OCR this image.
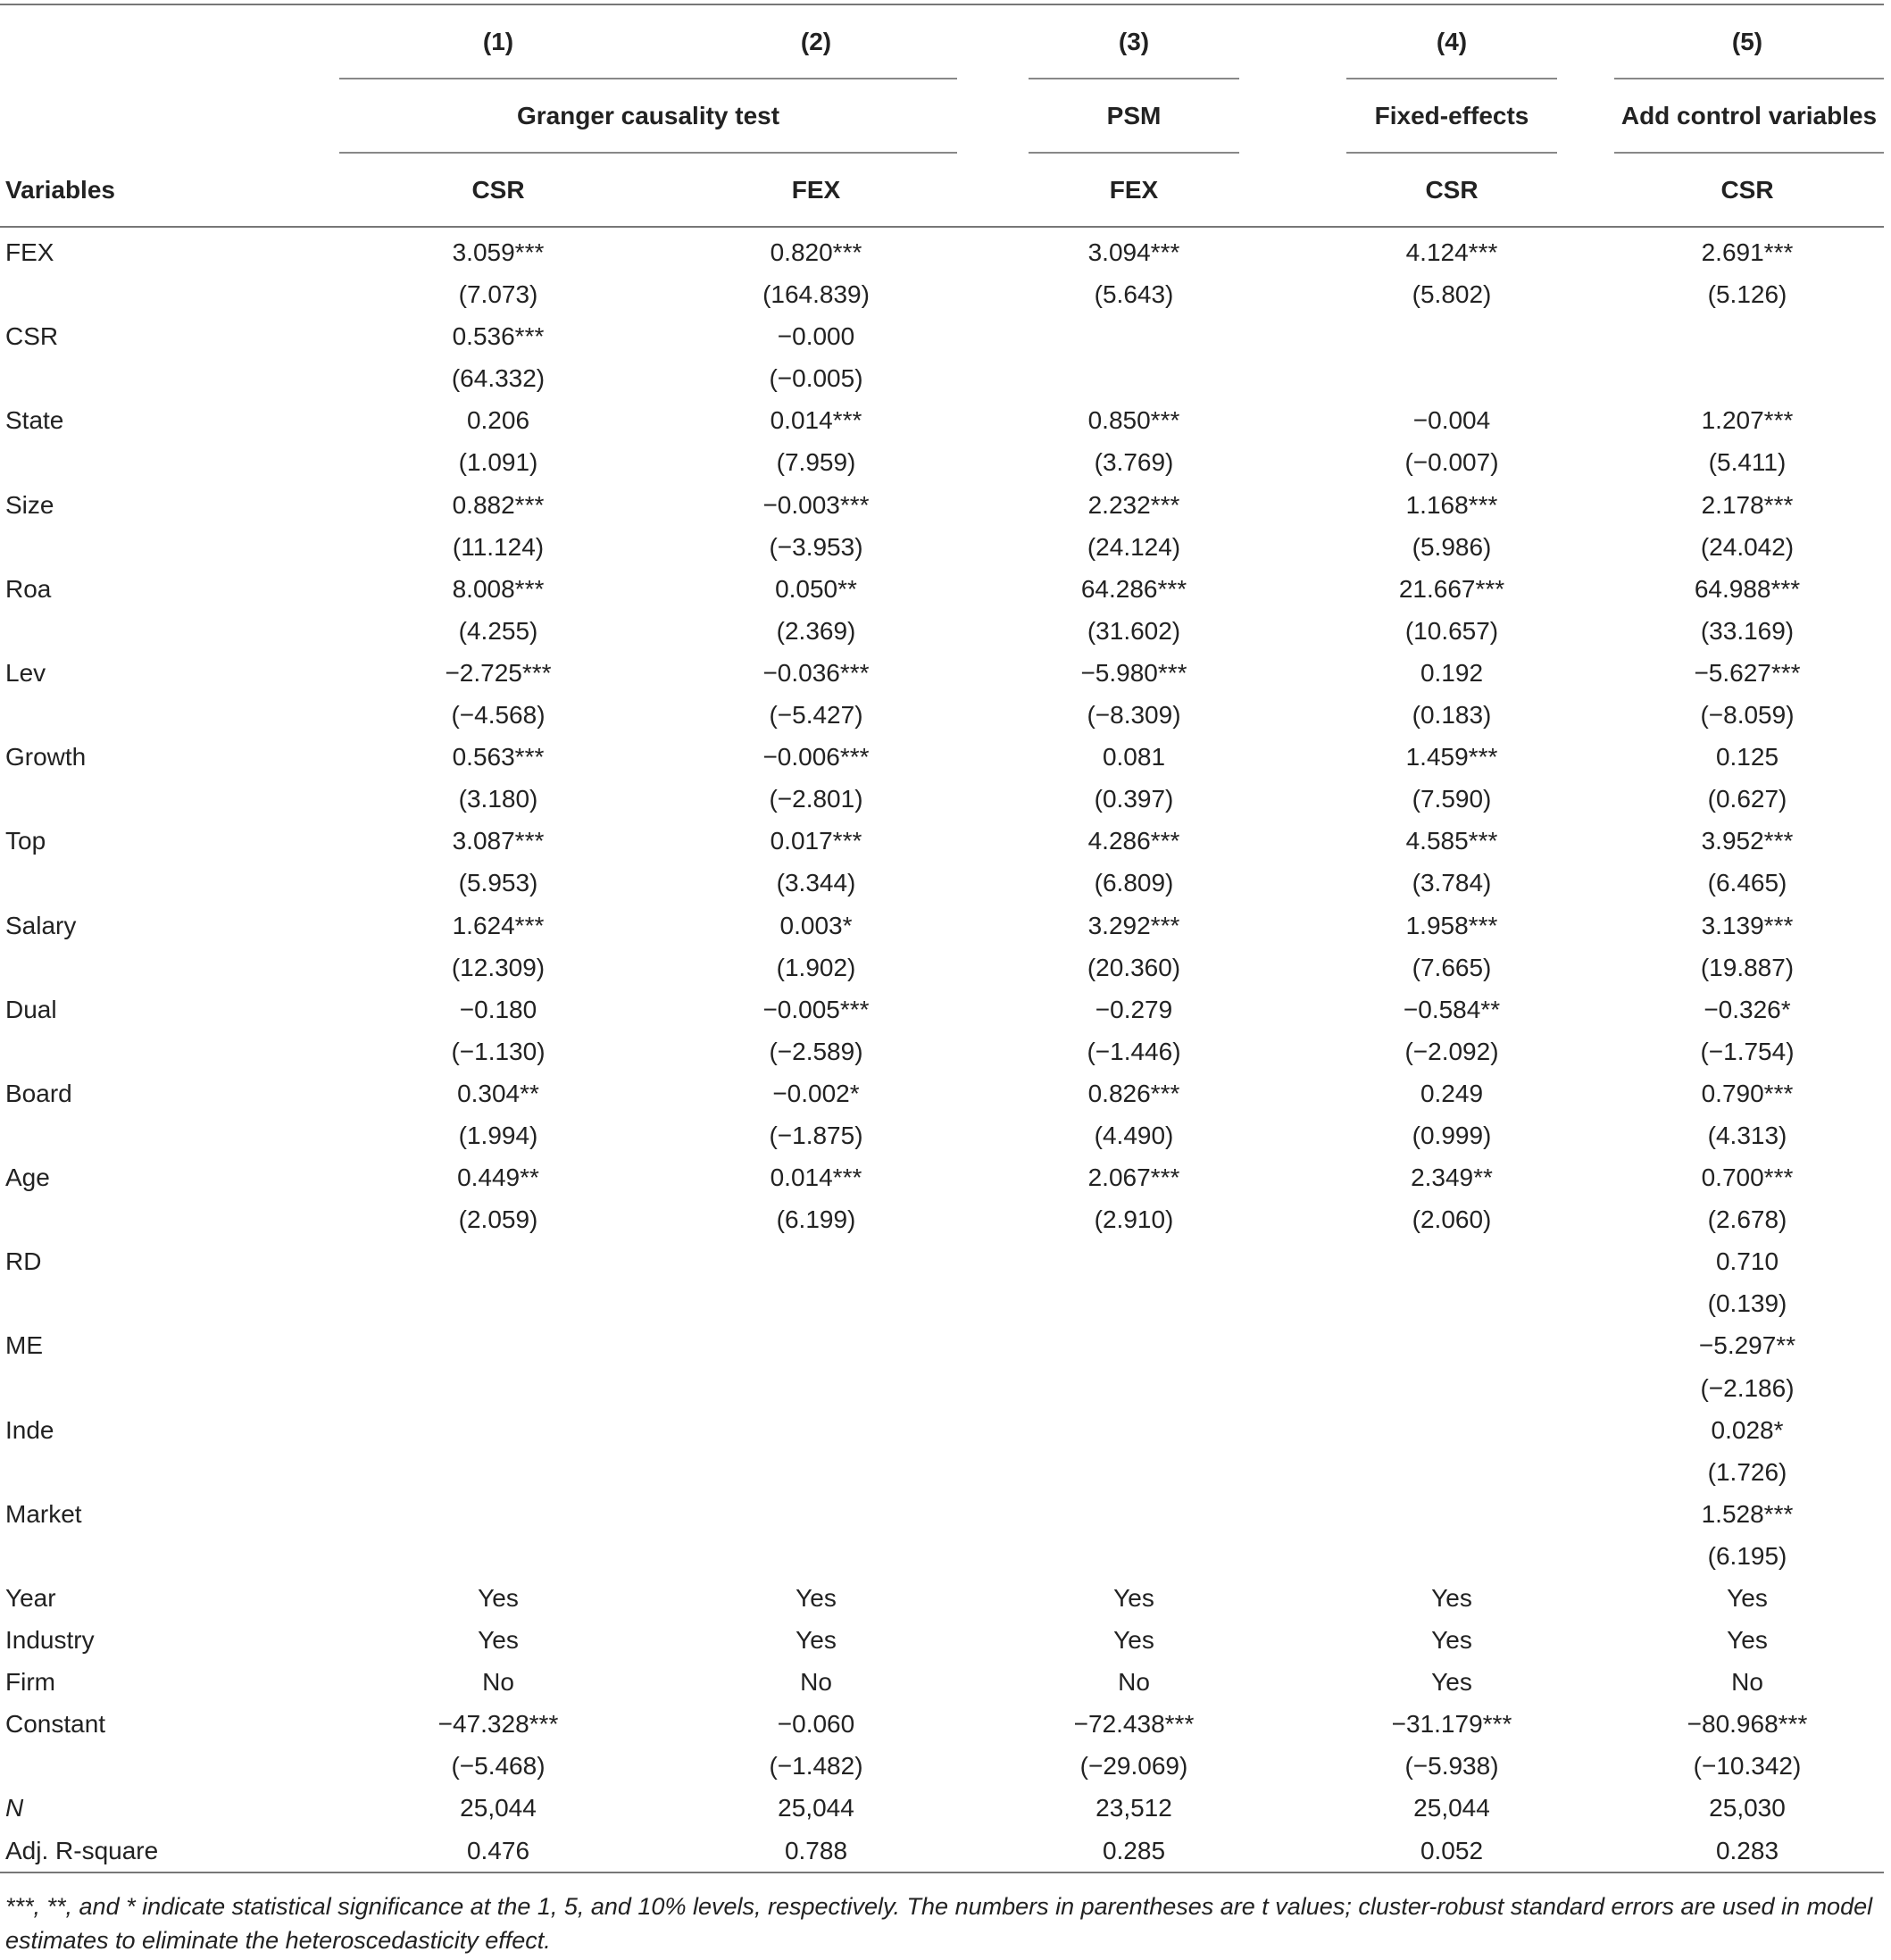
	(1)	(2)	(3)	(4)	(5)

	Granger causality test		PSM	Fixed-effects	Add control variables

Variables	CSR	FEX	FEX	CSR	CSR
FEX	3.059***	0.820***	3.094***	4.124***	2.691***
	(7.073)	(164.839)	(5.643)	(5.802)	(5.126)
CSR	0.536***	−0.000			
	(64.332)	(−0.005)			
State	0.206	0.014***	0.850***	−0.004	1.207***
	(1.091)	(7.959)	(3.769)	(−0.007)	(5.411)
Size	0.882***	−0.003***	2.232***	1.168***	2.178***
	(11.124)	(−3.953)	(24.124)	(5.986)	(24.042)
Roa	8.008***	0.050**	64.286***	21.667***	64.988***
	(4.255)	(2.369)	(31.602)	(10.657)	(33.169)
Lev	−2.725***	−0.036***	−5.980***	0.192	−5.627***
	(−4.568)	(−5.427)	(−8.309)	(0.183)	(−8.059)
Growth	0.563***	−0.006***	0.081	1.459***	0.125
	(3.180)	(−2.801)	(0.397)	(7.590)	(0.627)
Top	3.087***	0.017***	4.286***	4.585***	3.952***
	(5.953)	(3.344)	(6.809)	(3.784)	(6.465)
Salary	1.624***	0.003*	3.292***	1.958***	3.139***
	(12.309)	(1.902)	(20.360)	(7.665)	(19.887)
Dual	−0.180	−0.005***	−0.279	−0.584**	−0.326*
	(−1.130)	(−2.589)	(−1.446)	(−2.092)	(−1.754)
Board	0.304**	−0.002*	0.826***	0.249	0.790***
	(1.994)	(−1.875)	(4.490)	(0.999)	(4.313)
Age	0.449**	0.014***	2.067***	2.349**	0.700***
	(2.059)	(6.199)	(2.910)	(2.060)	(2.678)
RD					0.710
					(0.139)
ME					−5.297**
					(−2.186)
Inde					0.028*
					(1.726)
Market					1.528***
					(6.195)
Year	Yes	Yes	Yes	Yes	Yes
Industry	Yes	Yes	Yes	Yes	Yes
Firm	No	No	No	Yes	No
Constant	−47.328***	−0.060	−72.438***	−31.179***	−80.968***
	(−5.468)	(−1.482)	(−29.069)	(−5.938)	(−10.342)
N	25,044	25,044	23,512	25,044	25,030
Adj. R-square	0.476	0.788	0.285	0.052	0.283
***, **, and * indicate statistical significance at the 1, 5, and 10% levels, respectively. The numbers in parentheses are t values; cluster-robust standard errors are used in model estimates to eliminate the heteroscedasticity effect.
